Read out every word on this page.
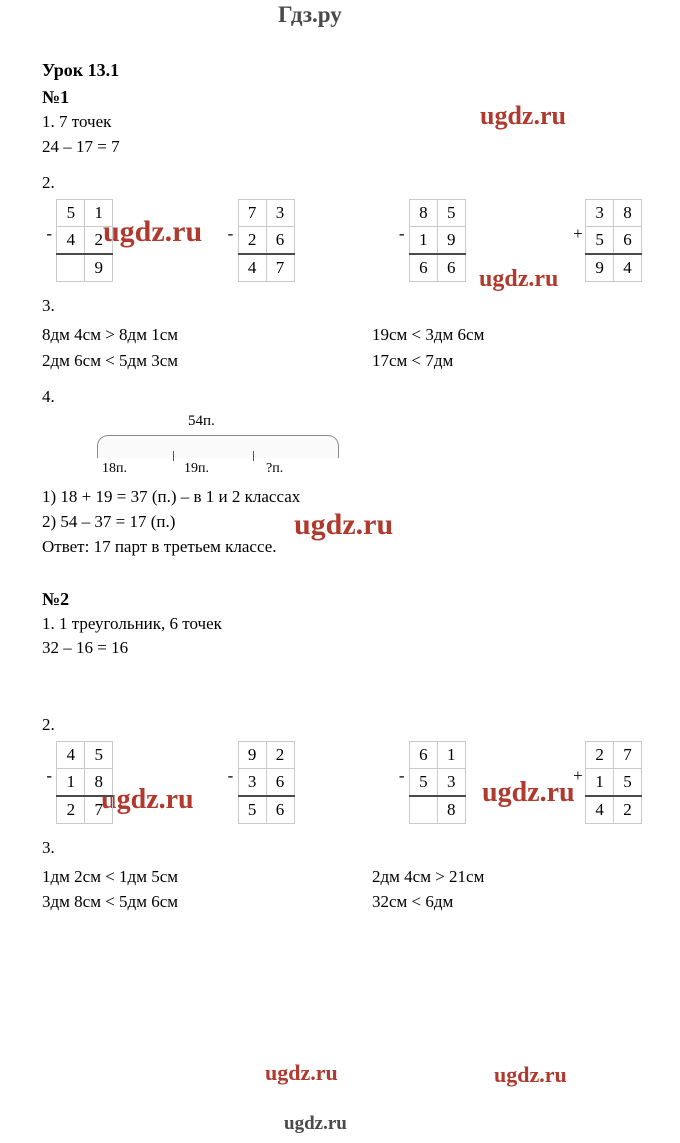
Гдз.ру
ugdz.ru
ugdz.ru
ugdz.ru
ugdz.ru
ugdz.ru	ugdz.ru
ugdz.ru	ugdz.ru
Урок 13.1
№1
1. 7 точек
24 – 17 = 7
2.
-
5	1
4	2
	9
-
7	3
2	6
4	7
-
8	5
1	9
6	6
+
3	8
5	6
9	4
3.
8дм 4см > 8дм 1см	19см < 3дм 6см
2дм 6см < 5дм 3см	17см < 7дм
4.
54п.
18п.	19п.	?п.
1) 18 + 19 = 37 (п.) – в 1 и 2 классах
2) 54 – 37 = 17 (п.)
Ответ: 17 парт в третьем классе.
№2
1. 1 треугольник, 6 точек
32 – 16 = 16
2.
-
4	5
1	8
2	7
-
9	2
3	6
5	6
-
6	1
5	3
	8
+
2	7
1	5
4	2
3.
1дм 2см < 1дм 5см	2дм 4см > 21см
3дм 8см < 5дм 6см	32см < 6дм
ugdz.ru
